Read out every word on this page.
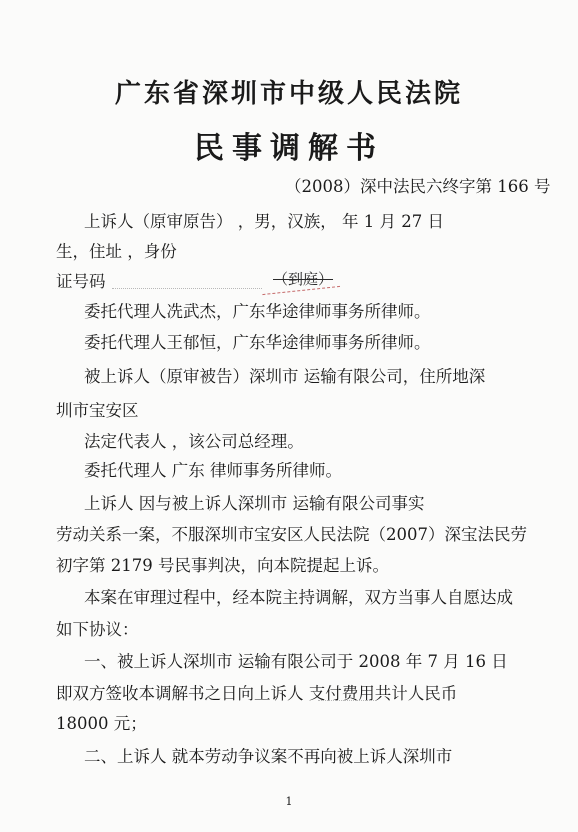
广东省深圳市中级人民法院
民事调解书
（2008）深中法民六终字第 166 号
上诉人（原审原告） ，男，汉族， 年 1 月 27 日
生，住址 ，身份
证号码	（到庭）
委托代理人冼武杰，广东华途律师事务所律师。
委托代理人王郁恒，广东华途律师事务所律师。
被上诉人（原审被告）深圳市 运输有限公司，住所地深
圳市宝安区
法定代表人 ，该公司总经理。
委托代理人 广东 律师事务所律师。
上诉人 因与被上诉人深圳市 运输有限公司事实
劳动关系一案，不服深圳市宝安区人民法院（2007）深宝法民劳
初字第 2179 号民事判决，向本院提起上诉。
本案在审理过程中，经本院主持调解，双方当事人自愿达成
如下协议：
一、被上诉人深圳市 运输有限公司于 2008 年 7 月 16 日
即双方签收本调解书之日向上诉人 支付费用共计人民币
18000 元；
二、上诉人 就本劳动争议案不再向被上诉人深圳市
1
